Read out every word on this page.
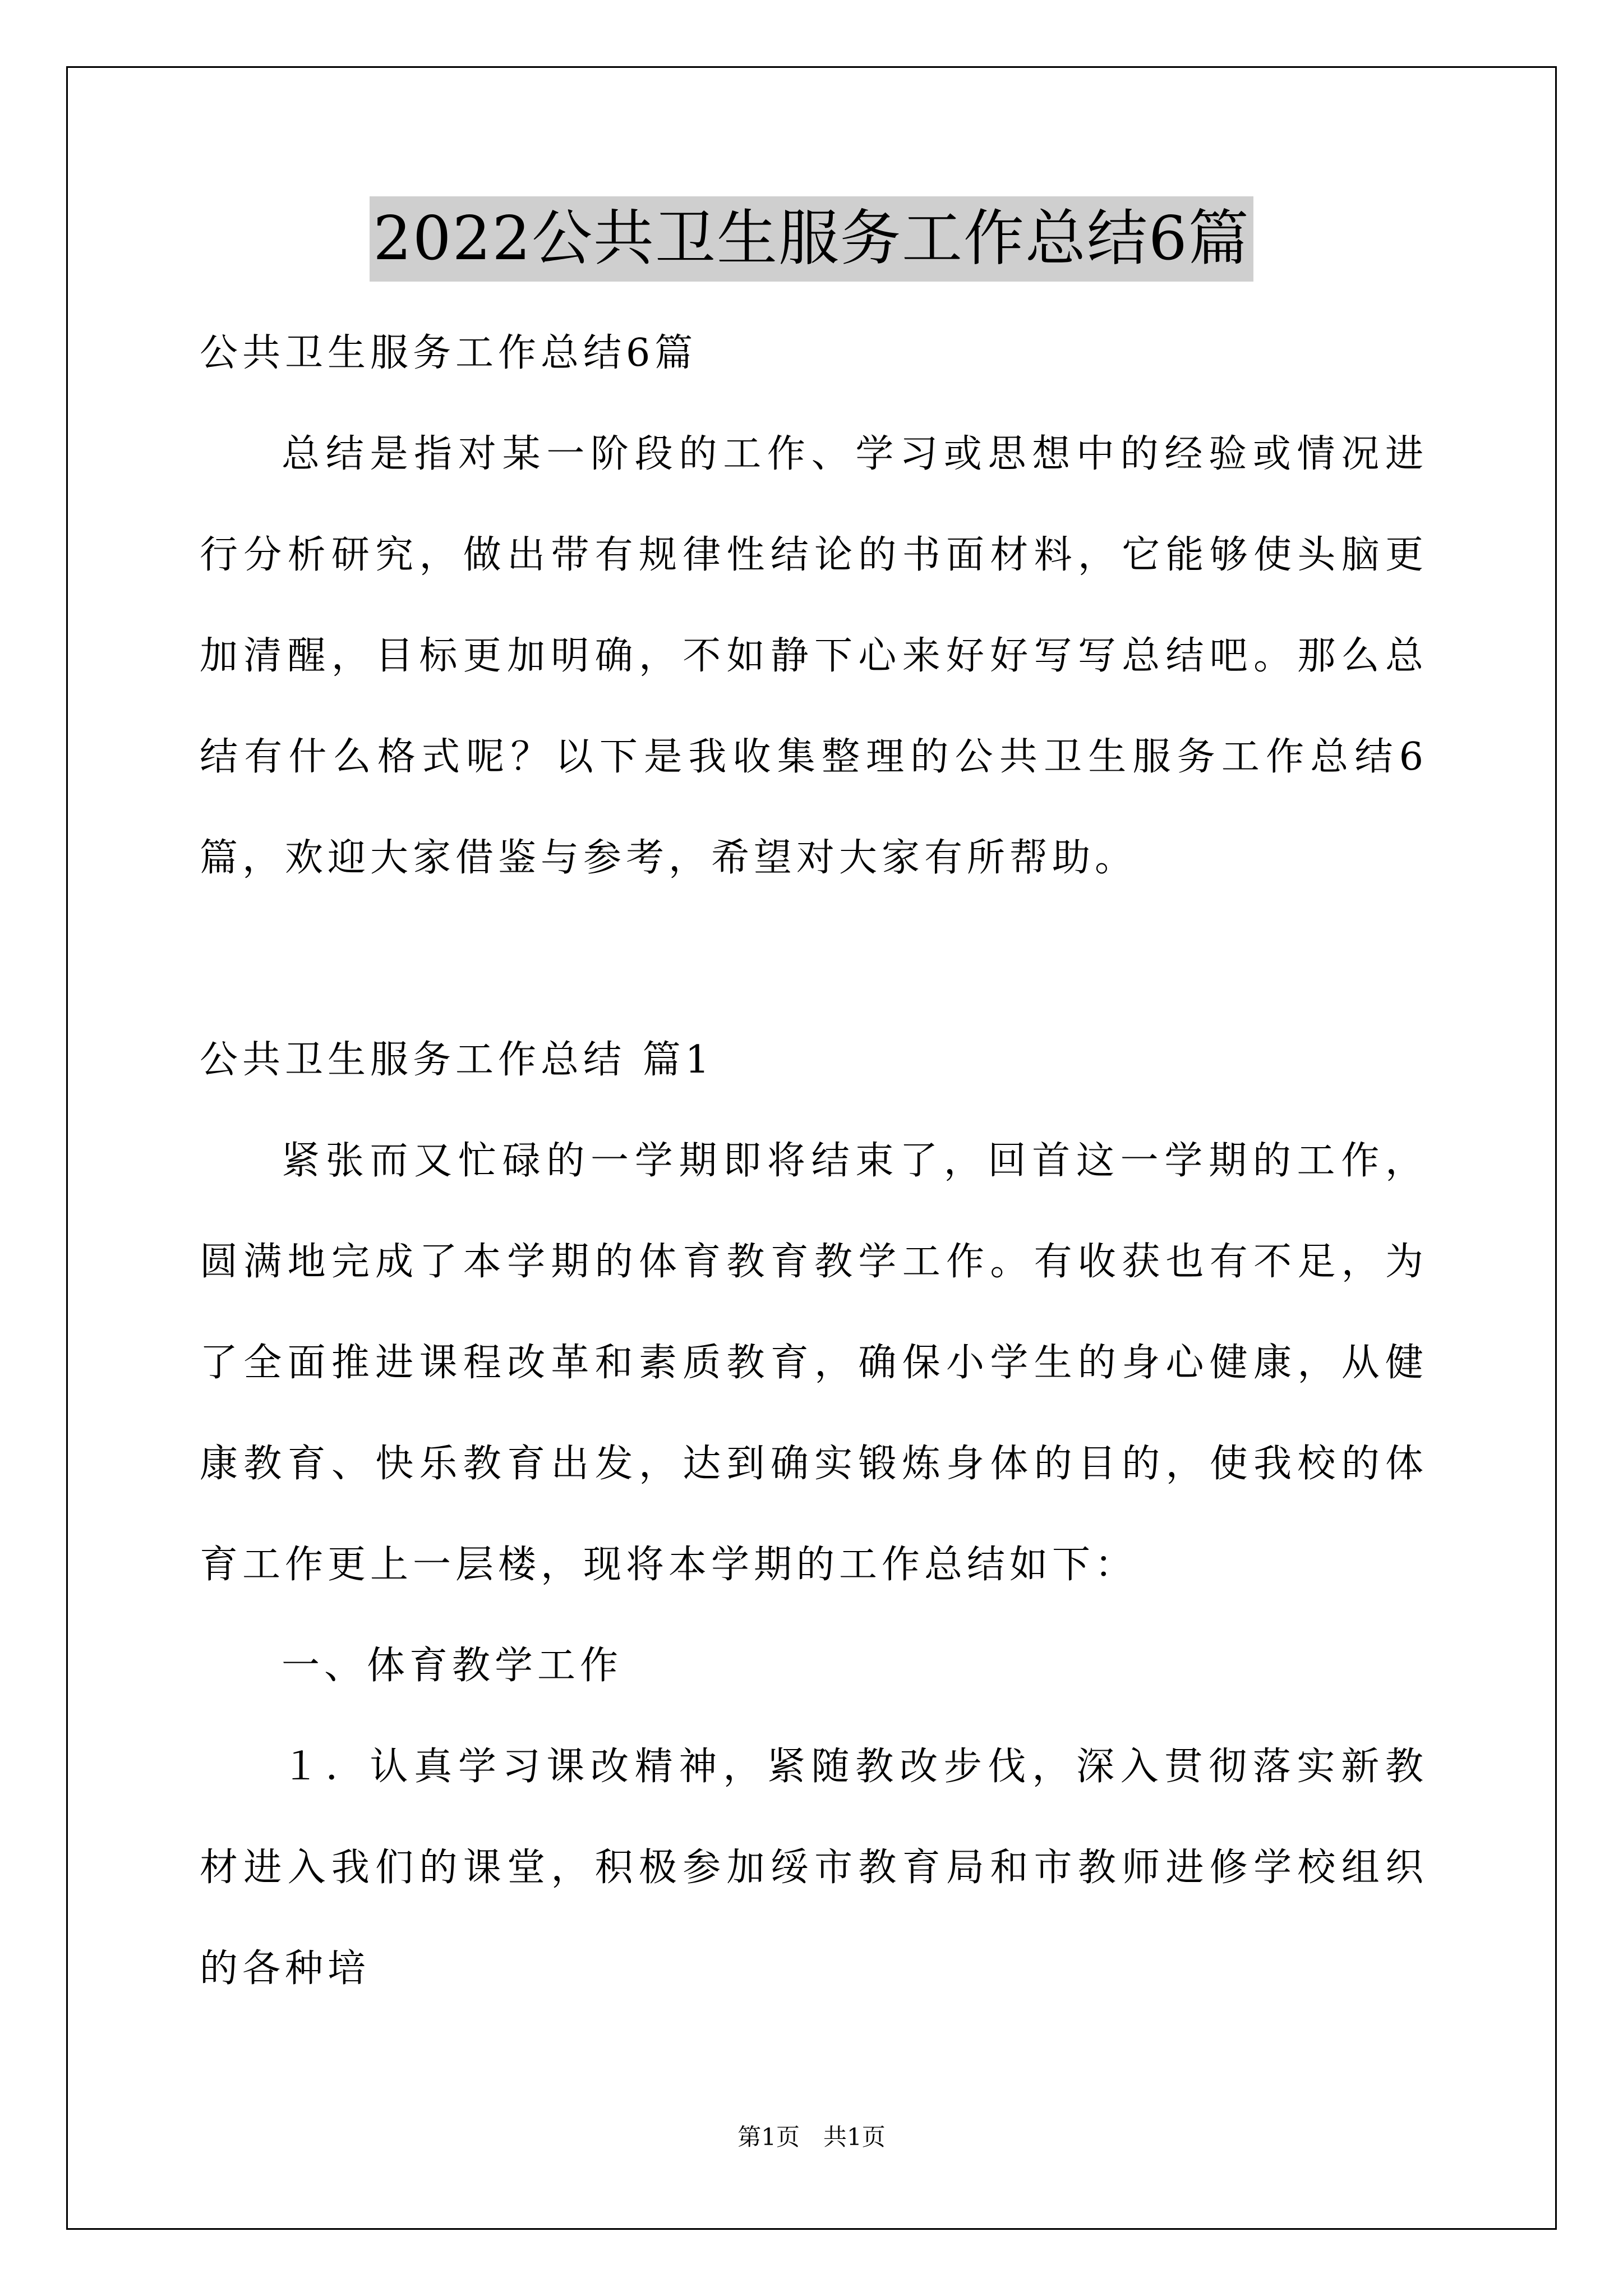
2022公共卫生服务工作总结6篇

公共卫生服务工作总结6篇

总结是指对某一阶段的工作、学习或思想中的经验或情况进行分析研究，做出带有规律性结论的书面材料，它能够使头脑更加清醒，目标更加明确，不如静下心来好好写写总结吧。那么总结有什么格式呢？以下是我收集整理的公共卫生服务工作总结6篇，欢迎大家借鉴与参考，希望对大家有所帮助。

公共卫生服务工作总结 篇1

紧张而又忙碌的一学期即将结束了，回首这一学期的工作，圆满地完成了本学期的体育教育教学工作。有收获也有不足，为了全面推进课程改革和素质教育，确保小学生的身心健康，从健康教育、快乐教育出发，达到确实锻炼身体的目的，使我校的体育工作更上一层楼，现将本学期的工作总结如下：

一、体育教学工作

１．认真学习课改精神，紧随教改步伐，深入贯彻落实新教材进入我们的课堂，积极参加绥市教育局和市教师进修学校组织的各种培

第1页 共1页
